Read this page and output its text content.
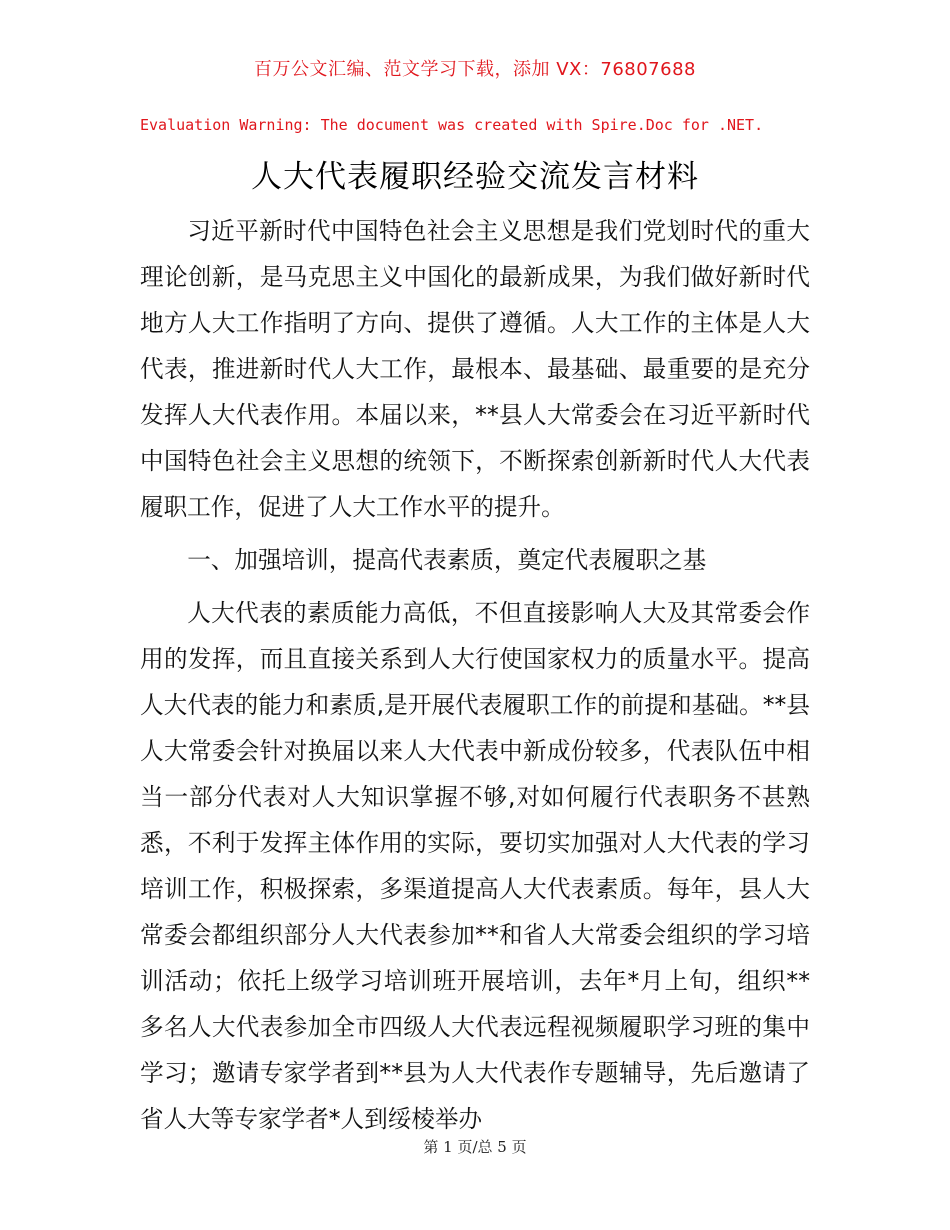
百万公文汇编、范文学习下载，添加 VX：76807688
Evaluation Warning: The document was created with Spire.Doc for .NET.
人大代表履职经验交流发言材料

习近平新时代中国特色社会主义思想是我们党划时代的重大理论创新，是马克思主义中国化的最新成果，为我们做好新时代地方人大工作指明了方向、提供了遵循。人大工作的主体是人大代表，推进新时代人大工作，最根本、最基础、最重要的是充分发挥人大代表作用。本届以来，**县人大常委会在习近平新时代中国特色社会主义思想的统领下，不断探索创新新时代人大代表履职工作，促进了人大工作水平的提升。

一、加强培训，提高代表素质，奠定代表履职之基

人大代表的素质能力高低，不但直接影响人大及其常委会作用的发挥，而且直接关系到人大行使国家权力的质量水平。提高人大代表的能力和素质,是开展代表履职工作的前提和基础。**县人大常委会针对换届以来人大代表中新成份较多，代表队伍中相当一部分代表对人大知识掌握不够,对如何履行代表职务不甚熟悉，不利于发挥主体作用的实际，要切实加强对人大代表的学习培训工作，积极探索，多渠道提高人大代表素质。每年，县人大常委会都组织部分人大代表参加**和省人大常委会组织的学习培训活动；依托上级学习培训班开展培训，去年*月上旬，组织**多名人大代表参加全市四级人大代表远程视频履职学习班的集中学习；邀请专家学者到**县为人大代表作专题辅导，先后邀请了省人大等专家学者*人到绥棱举办

第 1 页/总 5 页
